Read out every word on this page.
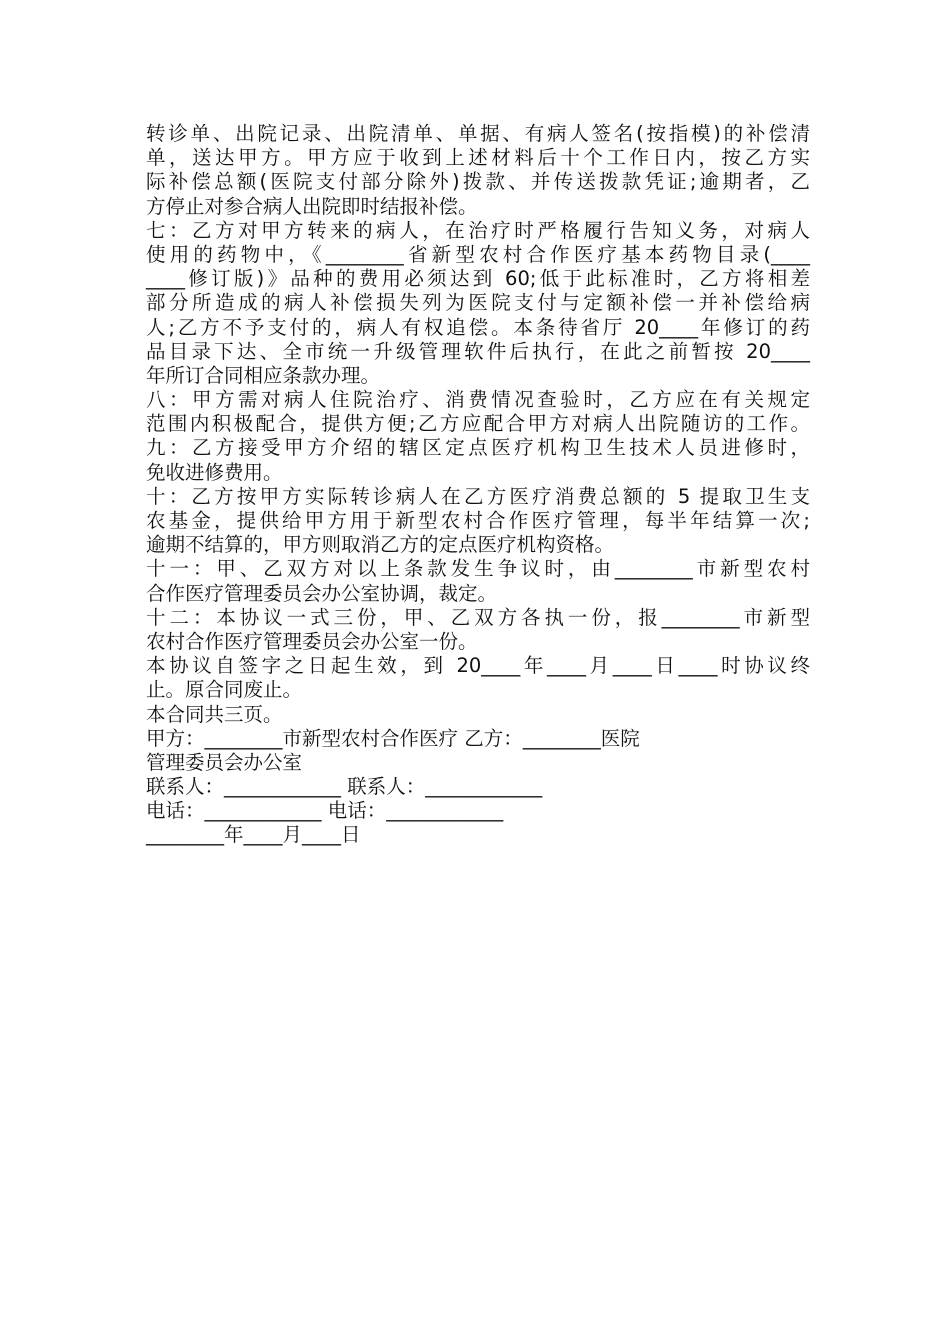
转诊单、出院记录、出院清单、单据、有病人签名(按指模)的补偿清
单，送达甲方。甲方应于收到上述材料后十个工作日内，按乙方实
际补偿总额(医院支付部分除外)拨款、并传送拨款凭证;逾期者，乙
方停止对参合病人出院即时结报补偿。
七：乙方对甲方转来的病人，在治疗时严格履行告知义务，对病人
使用的药物中，《________省新型农村合作医疗基本药物目录(____
____修订版)》品种的费用必须达到 60;低于此标准时，乙方将相差
部分所造成的病人补偿损失列为医院支付与定额补偿一并补偿给病
人;乙方不予支付的，病人有权追偿。本条待省厅 20____年修订的药
品目录下达、全市统一升级管理软件后执行，在此之前暂按 20____
年所订合同相应条款办理。
八：甲方需对病人住院治疗、消费情况查验时，乙方应在有关规定
范围内积极配合，提供方便;乙方应配合甲方对病人出院随访的工作。
九：乙方接受甲方介绍的辖区定点医疗机构卫生技术人员进修时，
免收进修费用。
十：乙方按甲方实际转诊病人在乙方医疗消费总额的 5 提取卫生支
农基金，提供给甲方用于新型农村合作医疗管理，每半年结算一次;
逾期不结算的，甲方则取消乙方的定点医疗机构资格。
十一：甲、乙双方对以上条款发生争议时，由________市新型农村
合作医疗管理委员会办公室协调，裁定。
十二：本协议一式三份，甲、乙双方各执一份，报________市新型
农村合作医疗管理委员会办公室一份。
本协议自签字之日起生效，到 20____年____月____日____时协议终
止。原合同废止。
本合同共三页。
甲方：________市新型农村合作医疗 乙方：________医院
管理委员会办公室
联系人：____________ 联系人：____________
电话：____________ 电话：____________
________年____月____日
